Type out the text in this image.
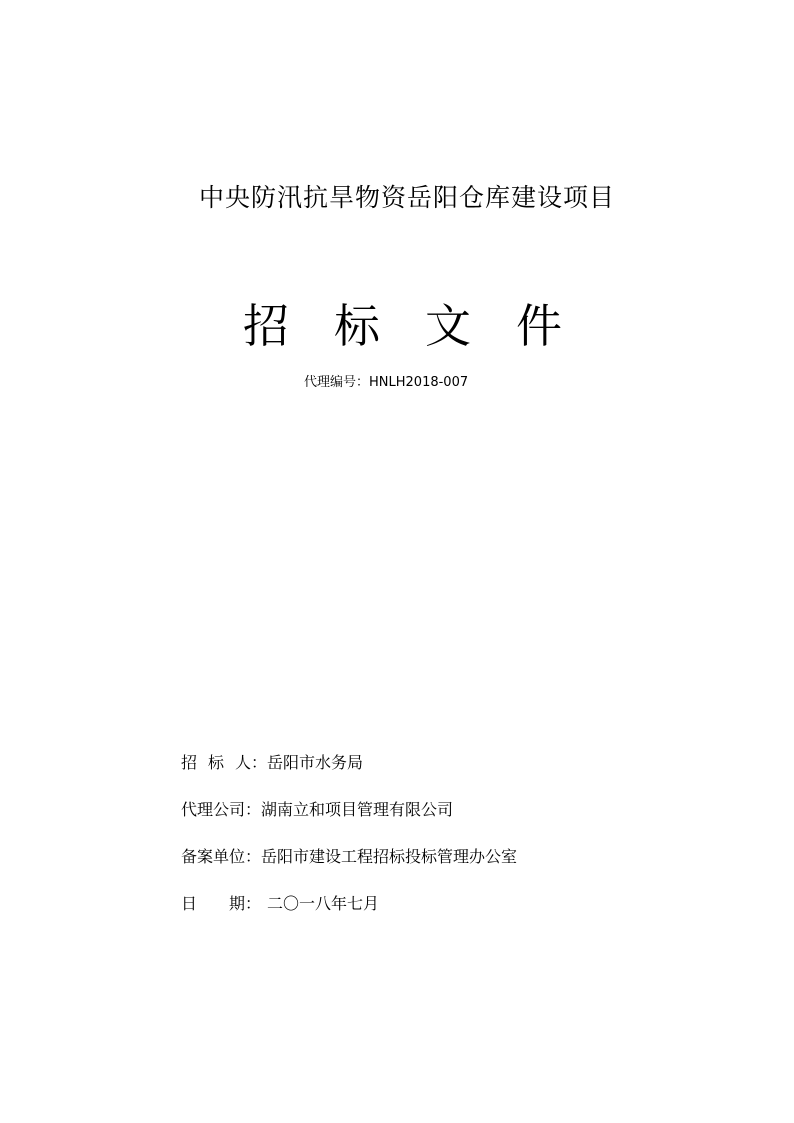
中央防汛抗旱物资岳阳仓库建设项目
招标文件
代理编号：HNLH2018-007
招 标 人 ： 岳阳市水务局
代理公司 ： 湖南立和项目管理有限公司
备案单位 ： 岳阳市建设工程招标投标管理办公室
日 期 ： 二〇一八年七月
